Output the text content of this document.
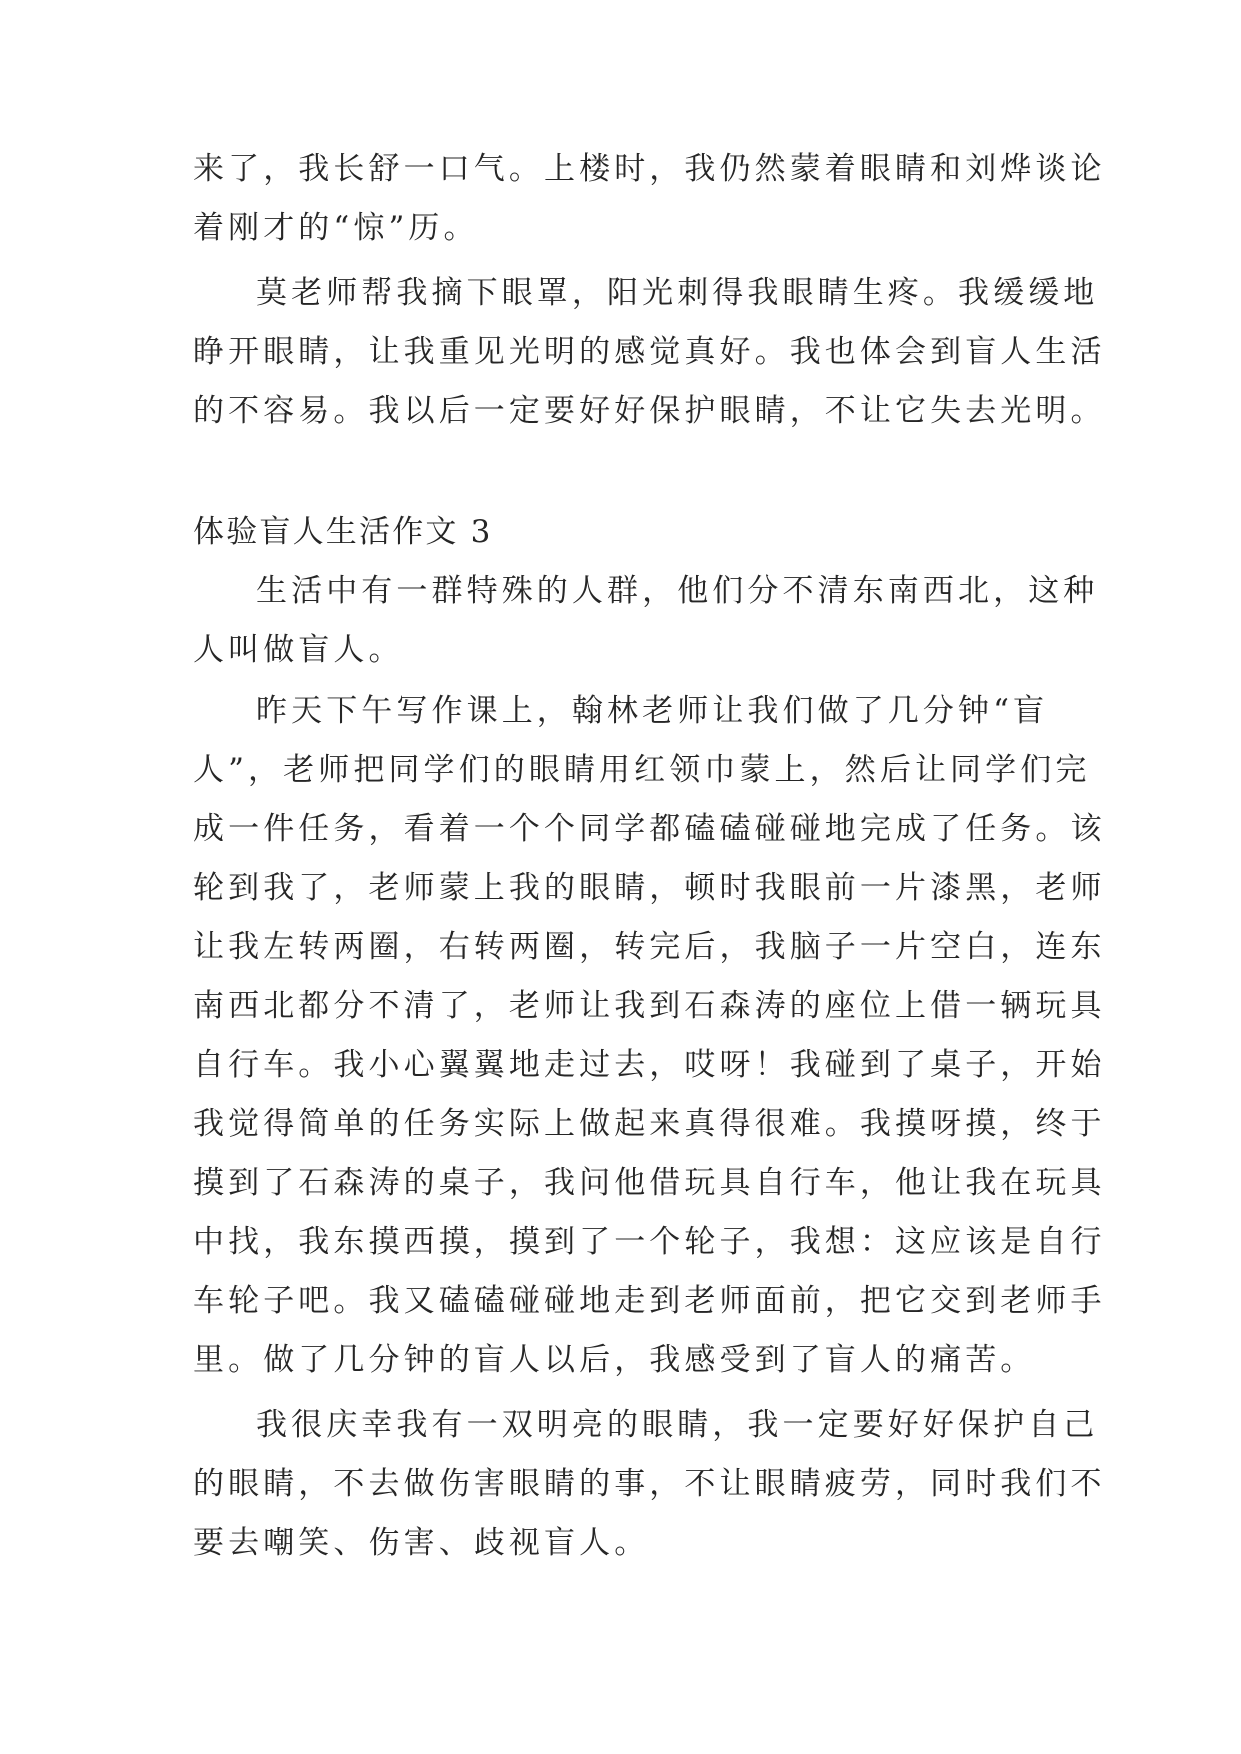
来了，我长舒一口气。上楼时，我仍然蒙着眼睛和刘烨谈论
着刚才的“惊”历。
莫老师帮我摘下眼罩，阳光刺得我眼睛生疼。我缓缓地
睁开眼睛，让我重见光明的感觉真好。我也体会到盲人生活
的不容易。我以后一定要好好保护眼睛，不让它失去光明。
体验盲人生活作文 3
生活中有一群特殊的人群，他们分不清东南西北，这种
人叫做盲人。
昨天下午写作课上，翰林老师让我们做了几分钟“盲
人”，老师把同学们的眼睛用红领巾蒙上，然后让同学们完
成一件任务，看着一个个同学都磕磕碰碰地完成了任务。该
轮到我了，老师蒙上我的眼睛，顿时我眼前一片漆黑，老师
让我左转两圈，右转两圈，转完后，我脑子一片空白，连东
南西北都分不清了，老师让我到石森涛的座位上借一辆玩具
自行车。我小心翼翼地走过去，哎呀！我碰到了桌子，开始
我觉得简单的任务实际上做起来真得很难。我摸呀摸，终于
摸到了石森涛的桌子，我问他借玩具自行车，他让我在玩具
中找，我东摸西摸，摸到了一个轮子，我想：这应该是自行
车轮子吧。我又磕磕碰碰地走到老师面前，把它交到老师手
里。做了几分钟的盲人以后，我感受到了盲人的痛苦。
我很庆幸我有一双明亮的眼睛，我一定要好好保护自己
的眼睛，不去做伤害眼睛的事，不让眼睛疲劳，同时我们不
要去嘲笑、伤害、歧视盲人。
